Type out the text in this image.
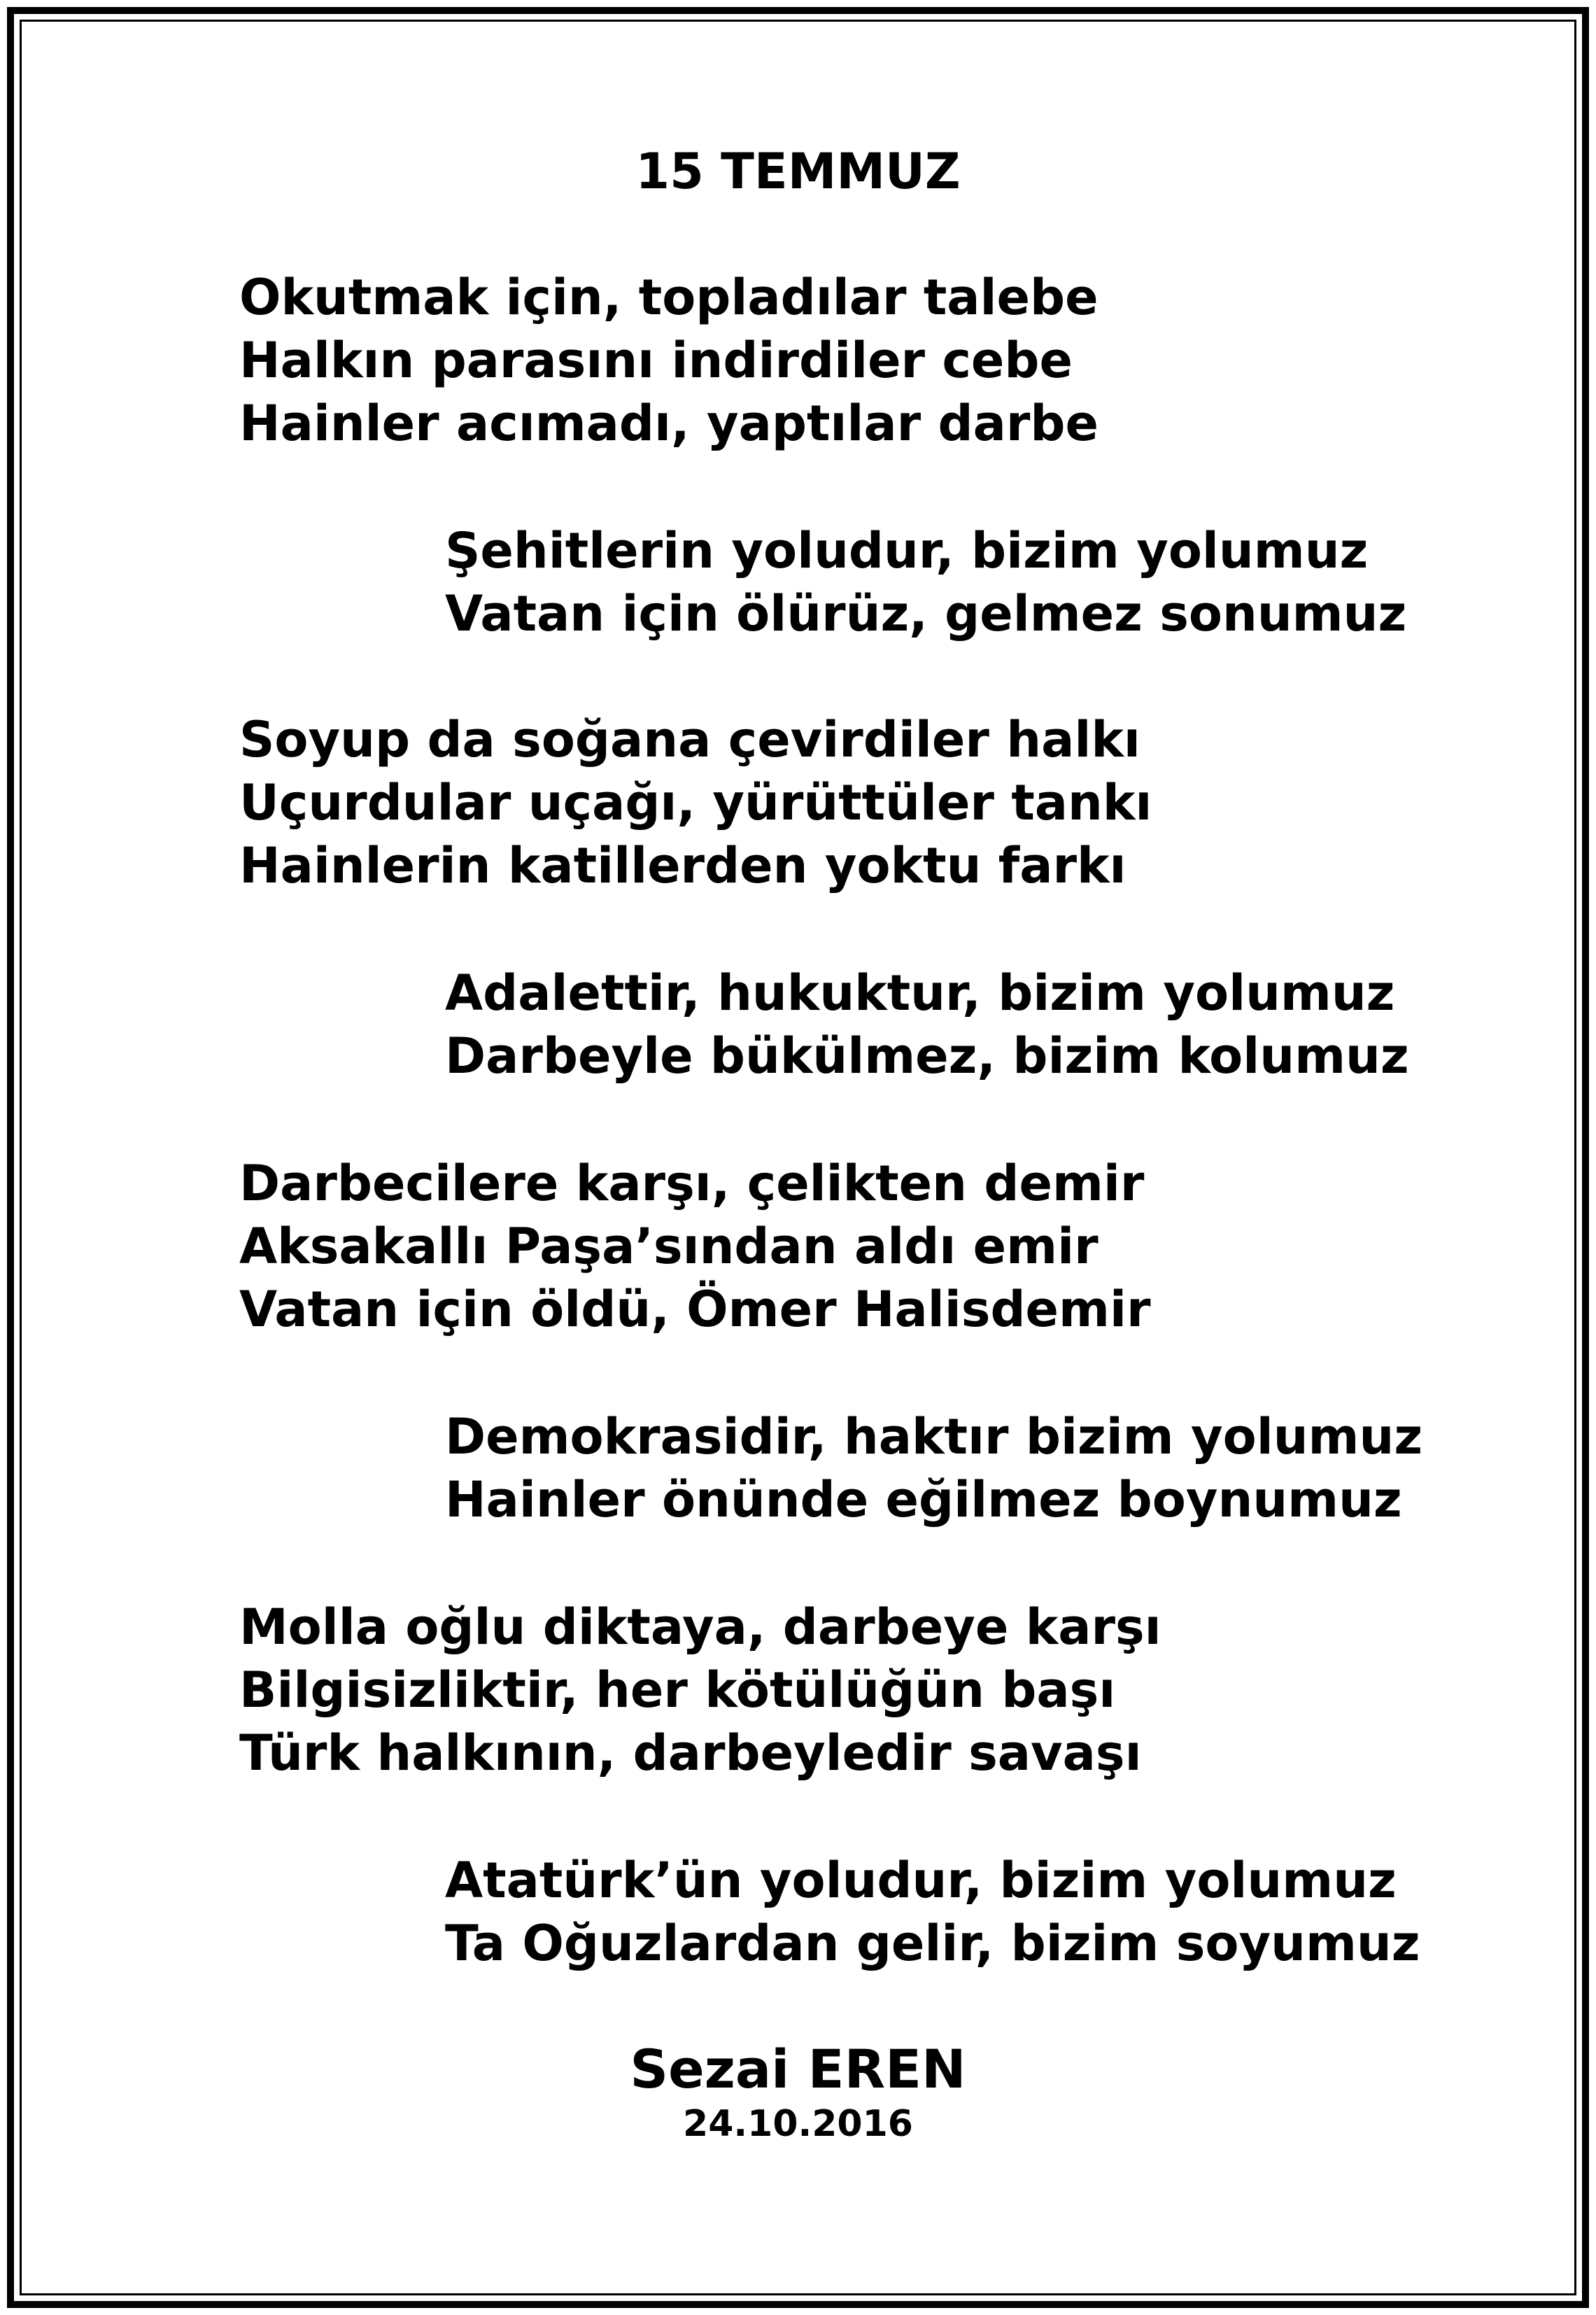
15 TEMMUZ
Okutmak için, topladılar talebe
Halkın parasını indirdiler cebe
Hainler acımadı, yaptılar darbe
Şehitlerin yoludur, bizim yolumuz
Vatan için ölürüz, gelmez sonumuz
Soyup da soğana çevirdiler halkı
Uçurdular uçağı, yürüttüler tankı
Hainlerin katillerden yoktu farkı
Adalettir, hukuktur, bizim yolumuz
Darbeyle bükülmez, bizim kolumuz
Darbecilere karşı, çelikten demir
Aksakallı Paşa’sından aldı emir
Vatan için öldü, Ömer Halisdemir
Demokrasidir, haktır bizim yolumuz
Hainler önünde eğilmez boynumuz
Molla oğlu diktaya, darbeye karşı
Bilgisizliktir, her kötülüğün başı
Türk halkının, darbeyledir savaşı
Atatürk’ün yoludur, bizim yolumuz
Ta Oğuzlardan gelir, bizim soyumuz
Sezai EREN
24.10.2016
